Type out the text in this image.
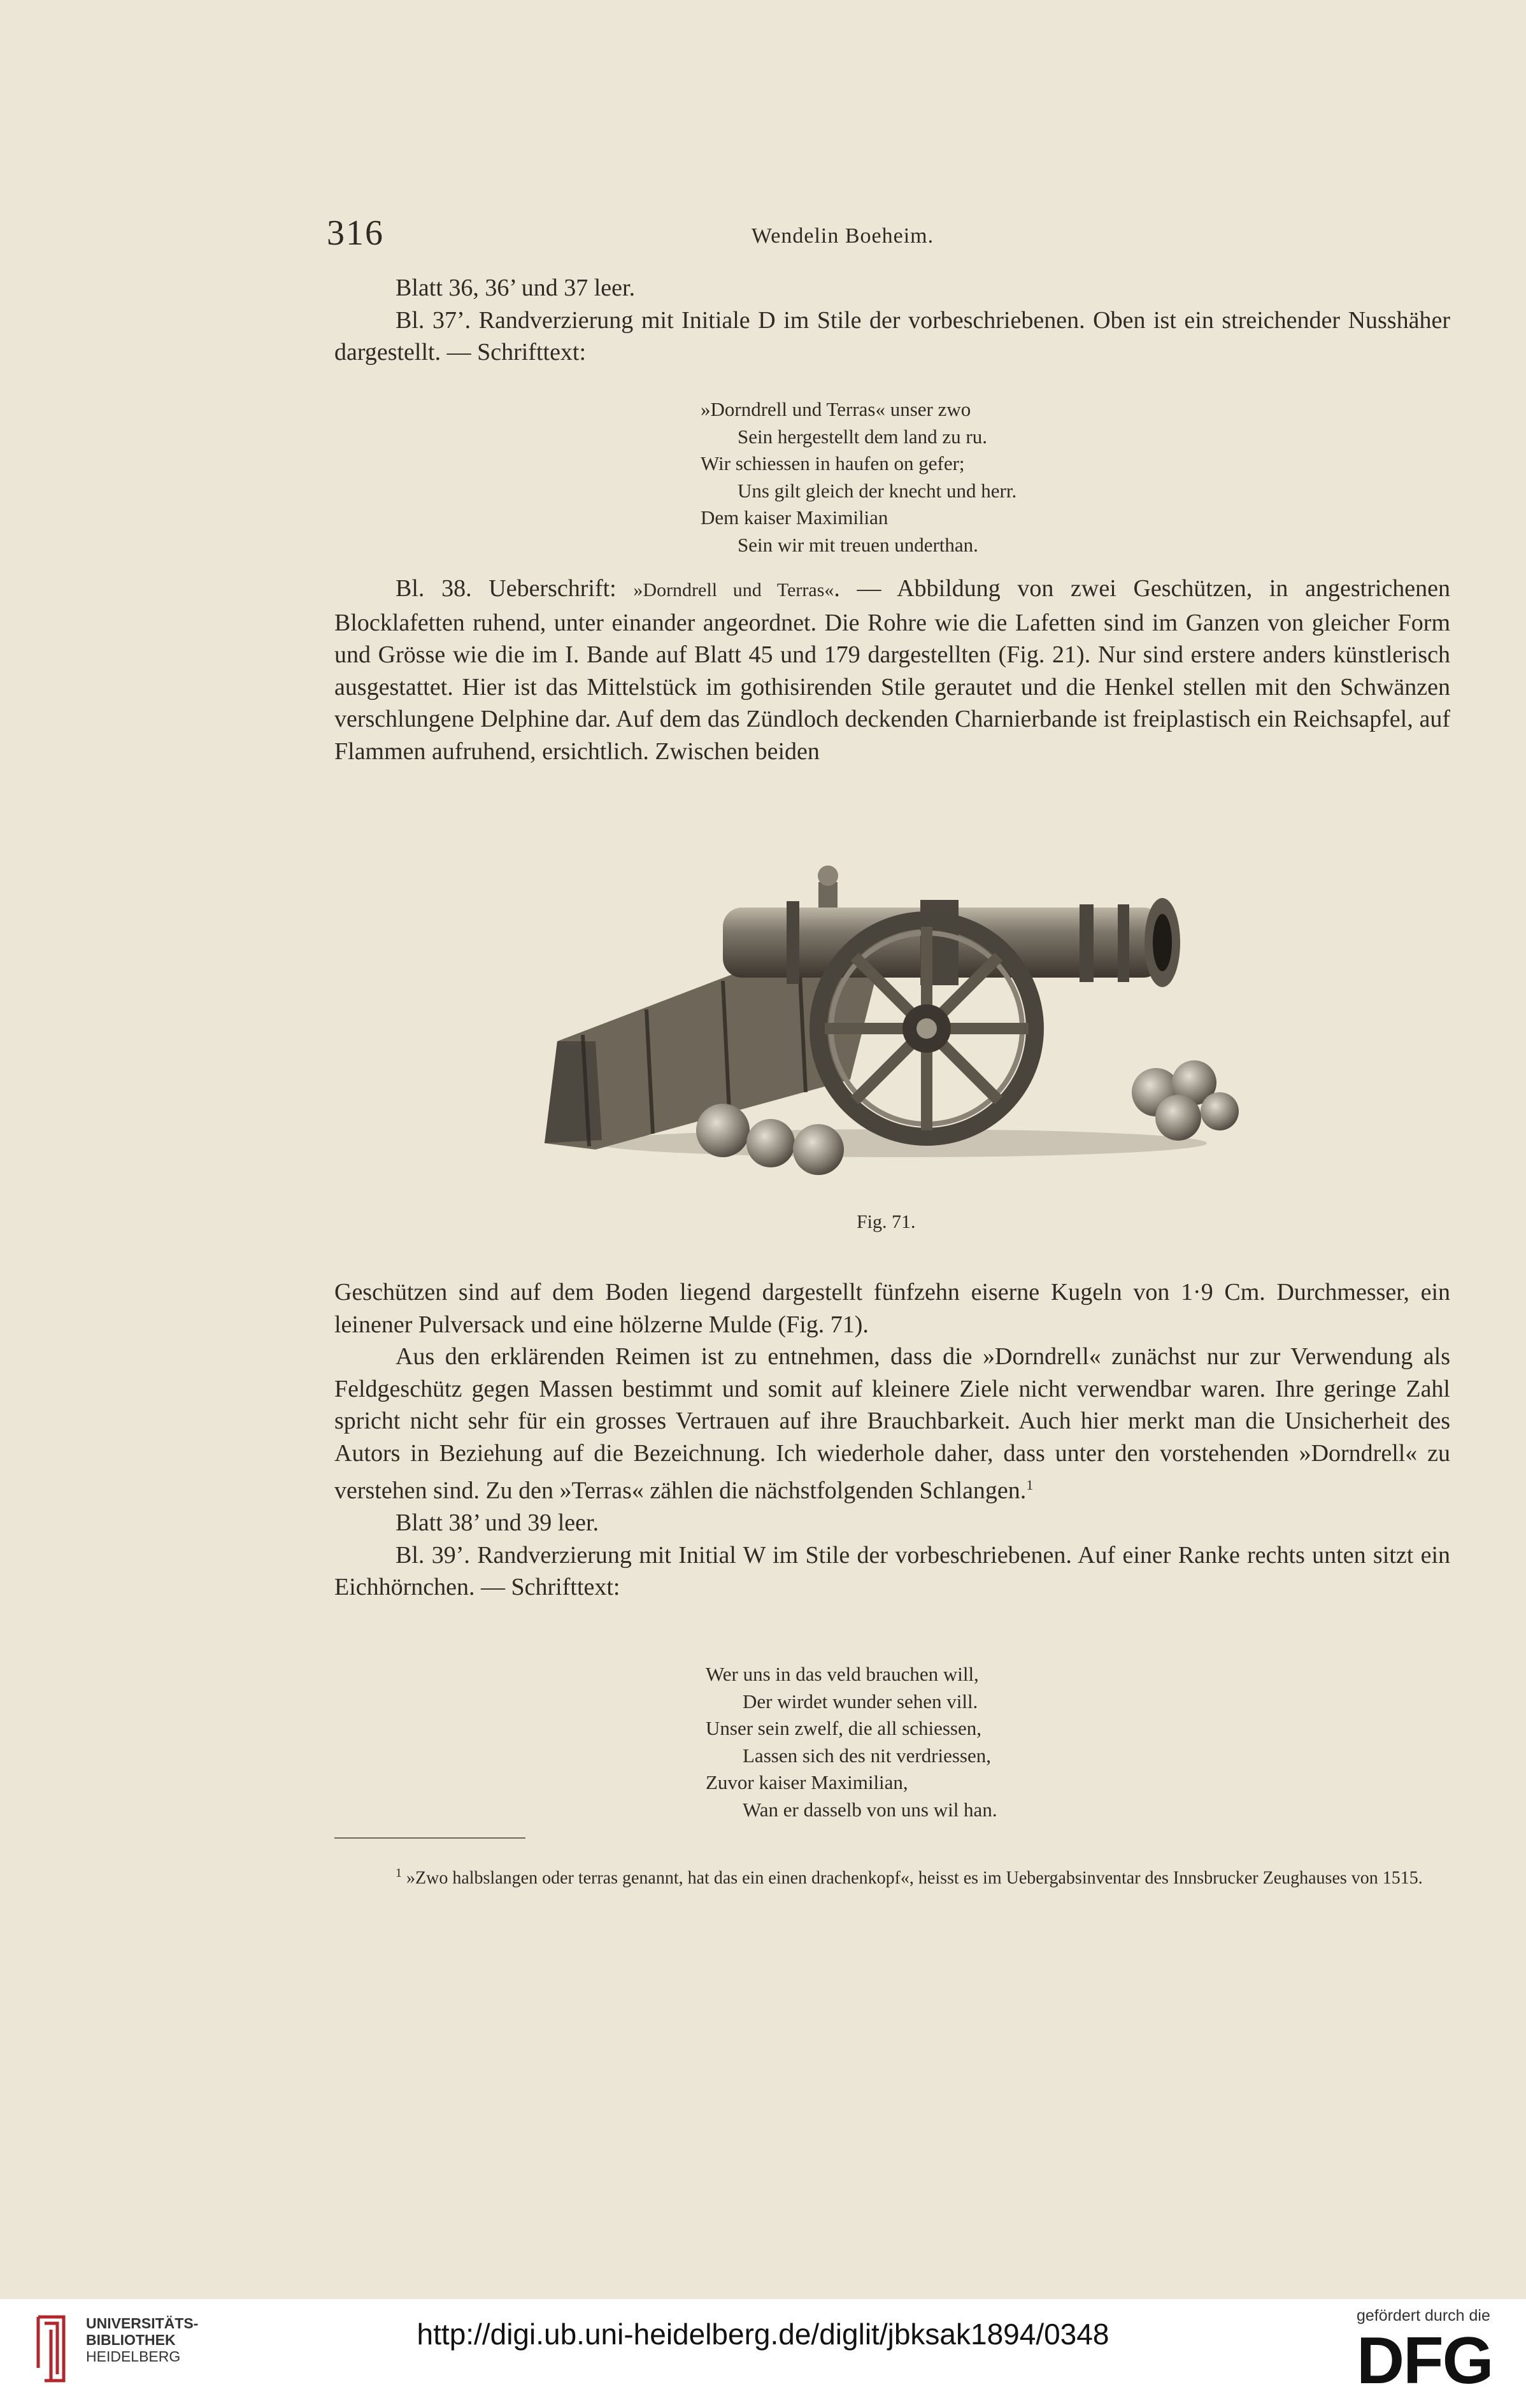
316	Wendelin Boeheim.

Blatt 36, 36’ und 37 leer.

Bl. 37’. Randverzierung mit Initiale D im Stile der vorbeschriebenen. Oben ist ein streichender Nusshäher dargestellt. — Schrifttext:

»Dorndrell und Terras« unser zwo
Sein hergestellt dem land zu ru.
Wir schiessen in haufen on gefer;
Uns gilt gleich der knecht und herr.
Dem kaiser Maximilian
Sein wir mit treuen underthan.

Bl. 38. Ueberschrift: »Dorndrell und Terras«. — Abbildung von zwei Geschützen, in angestrichenen Blocklafetten ruhend, unter einander angeordnet. Die Rohre wie die Lafetten sind im Ganzen von gleicher Form und Grösse wie die im I. Bande auf Blatt 45 und 179 dargestellten (Fig. 21). Nur sind erstere anders künstlerisch ausgestattet. Hier ist das Mittelstück im gothisirenden Stile gerautet und die Henkel stellen mit den Schwänzen verschlungene Delphine dar. Auf dem das Zündloch deckenden Charnierbande ist freiplastisch ein Reichsapfel, auf Flammen aufruhend, ersichtlich. Zwischen beiden

Fig. 71.

Geschützen sind auf dem Boden liegend dargestellt fünfzehn eiserne Kugeln von 1·9 Cm. Durchmesser, ein leinener Pulversack und eine hölzerne Mulde (Fig. 71).

Aus den erklärenden Reimen ist zu entnehmen, dass die »Dorndrell« zunächst nur zur Verwendung als Feldgeschütz gegen Massen bestimmt und somit auf kleinere Ziele nicht verwendbar waren. Ihre geringe Zahl spricht nicht sehr für ein grosses Vertrauen auf ihre Brauchbarkeit. Auch hier merkt man die Unsicherheit des Autors in Beziehung auf die Bezeichnung. Ich wiederhole daher, dass unter den vorstehenden »Dorndrell« zu verstehen sind. Zu den »Terras« zählen die nächstfolgenden Schlangen.$^1$

Blatt 38’ und 39 leer.

Bl. 39’. Randverzierung mit Initial W im Stile der vorbeschriebenen. Auf einer Ranke rechts unten sitzt ein Eichhörnchen. — Schrifttext:

Wer uns in das veld brauchen will,
Der wirdet wunder sehen vill.
Unser sein zwelf, die all schiessen,
Lassen sich des nit verdriessen,
Zuvor kaiser Maximilian,
Wan er dasselb von uns wil han.
$^1$ »Zwo halbslangen oder terras genannt, hat das ein einen drachenkopf«, heisst es im Uebergabsinventar des Innsbrucker Zeughauses von 1515.
UNIVERSITÄTS-
BIBLIOTHEK
HEIDELBERG
http://digi.ub.uni-heidelberg.de/diglit/jbksak1894/0348
gefördert durch die
DFG
